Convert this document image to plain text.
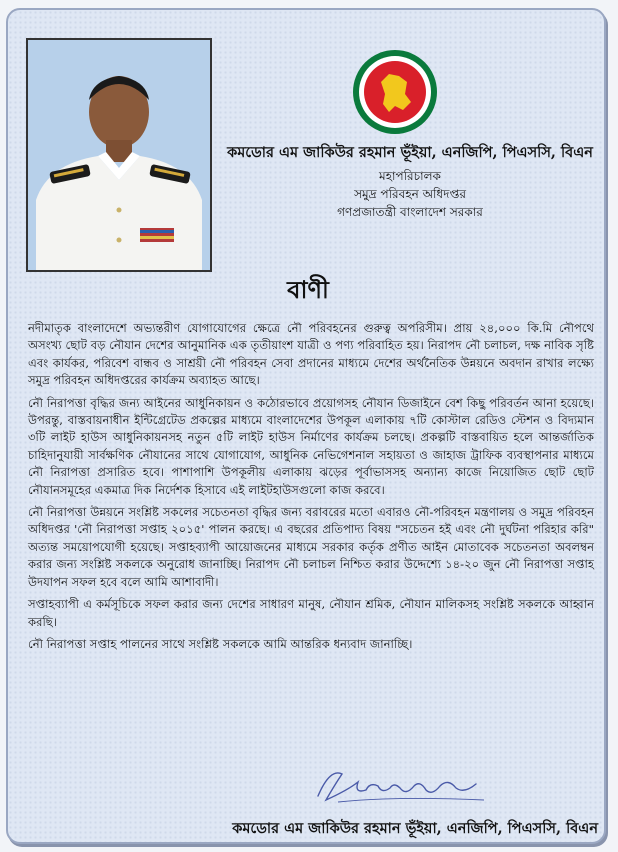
কমডোর এম জাকিউর রহমান ভূঁইয়া, এনজিপি, পিএসসি, বিএন
মহাপরিচালক
সমুদ্র পরিবহন অধিদপ্তর
গণপ্রজাতন্ত্রী বাংলাদেশ সরকার
বাণী

নদীমাতৃক বাংলাদেশে অভ্যন্তরীণ যোগাযোগের ক্ষেত্রে নৌ পরিবহনের গুরুত্ব অপরিসীম। প্রায় ২৪,০০০ কি.মি নৌপথে অসংখ্য ছোট বড় নৌযান দেশের আনুমানিক এক তৃতীয়াংশ যাত্রী ও পণ্য পরিবাহিত হয়। নিরাপদ নৌ চলাচল, দক্ষ নাবিক সৃষ্টি এবং কার্যকর, পরিবেশ বান্ধব ও সাশ্রয়ী নৌ পরিবহন সেবা প্রদানের মাধ্যমে দেশের অর্থনৈতিক উন্নয়নে অবদান রাখার লক্ষ্যে সমুদ্র পরিবহন অধিদপ্তরের কার্যক্রম অব্যাহত আছে।

নৌ নিরাপত্তা বৃদ্ধির জন্য আইনের আধুনিকায়ন ও কঠোরভাবে প্রয়োগসহ নৌযান ডিজাইনে বেশ কিছু পরিবর্তন আনা হয়েছে। উপরন্তু, বাস্তবায়নাধীন ইন্টিগ্রেটেড প্রকল্পের মাধ্যমে বাংলাদেশের উপকূল এলাকায় ৭টি কোস্টাল রেডিও স্টেশন ও বিদ্যমান ৩টি লাইট হাউস আধুনিকায়নসহ নতুন ৫টি লাইট হাউস নির্মাণের কার্যক্রম চলছে। প্রকল্পটি বাস্তবায়িত হলে আন্তর্জাতিক চাহিদানুযায়ী সার্বক্ষণিক নৌযানের সাথে যোগাযোগ, আধুনিক নেভিগেশনাল সহায়তা ও জাহাজ ট্রাফিক ব্যবস্থাপনার মাধ্যমে নৌ নিরাপত্তা প্রসারিত হবে। পাশাপাশি উপকূলীয় এলাকায় ঝড়ের পূর্বাভাসসহ অন্যান্য কাজে নিয়োজিত ছোট ছোট নৌযানসমূহের একমাত্র দিক নির্দেশক হিসাবে এই লাইটহাউসগুলো কাজ করবে।

নৌ নিরাপত্তা উন্নয়নে সংশ্লিষ্ট সকলের সচেতনতা বৃদ্ধির জন্য বরাবরের মতো এবারও নৌ-পরিবহন মন্ত্রণালয় ও সমুদ্র পরিবহন অধিদপ্তর 'নৌ নিরাপত্তা সপ্তাহ ২০১৫' পালন করছে। এ বছরের প্রতিপাদ্য বিষয় "সচেতন হই এবং নৌ দুর্ঘটনা পরিহার করি" অত্যন্ত সময়োপযোগী হয়েছে। সপ্তাহব্যাপী আয়োজনের মাধ্যমে সরকার কর্তৃক প্রণীত আইন মোতাবেক সচেতনতা অবলম্বন করার জন্য সংশ্লিষ্ট সকলকে অনুরোধ জানাচ্ছি। নিরাপদ নৌ চলাচল নিশ্চিত করার উদ্দেশ্যে ১৪-২০ জুন নৌ নিরাপত্তা সপ্তাহ উদযাপন সফল হবে বলে আমি আশাবাদী।

সপ্তাহব্যাপী এ কর্মসূচিকে সফল করার জন্য দেশের সাধারণ মানুষ, নৌযান শ্রমিক, নৌযান মালিকসহ সংশ্লিষ্ট সকলকে আহ্বান করছি।

নৌ নিরাপত্তা সপ্তাহ পালনের সাথে সংশ্লিষ্ট সকলকে আমি আন্তরিক ধন্যবাদ জানাচ্ছি।

কমডোর এম জাকিউর রহমান ভূঁইয়া, এনজিপি, পিএসসি, বিএন
